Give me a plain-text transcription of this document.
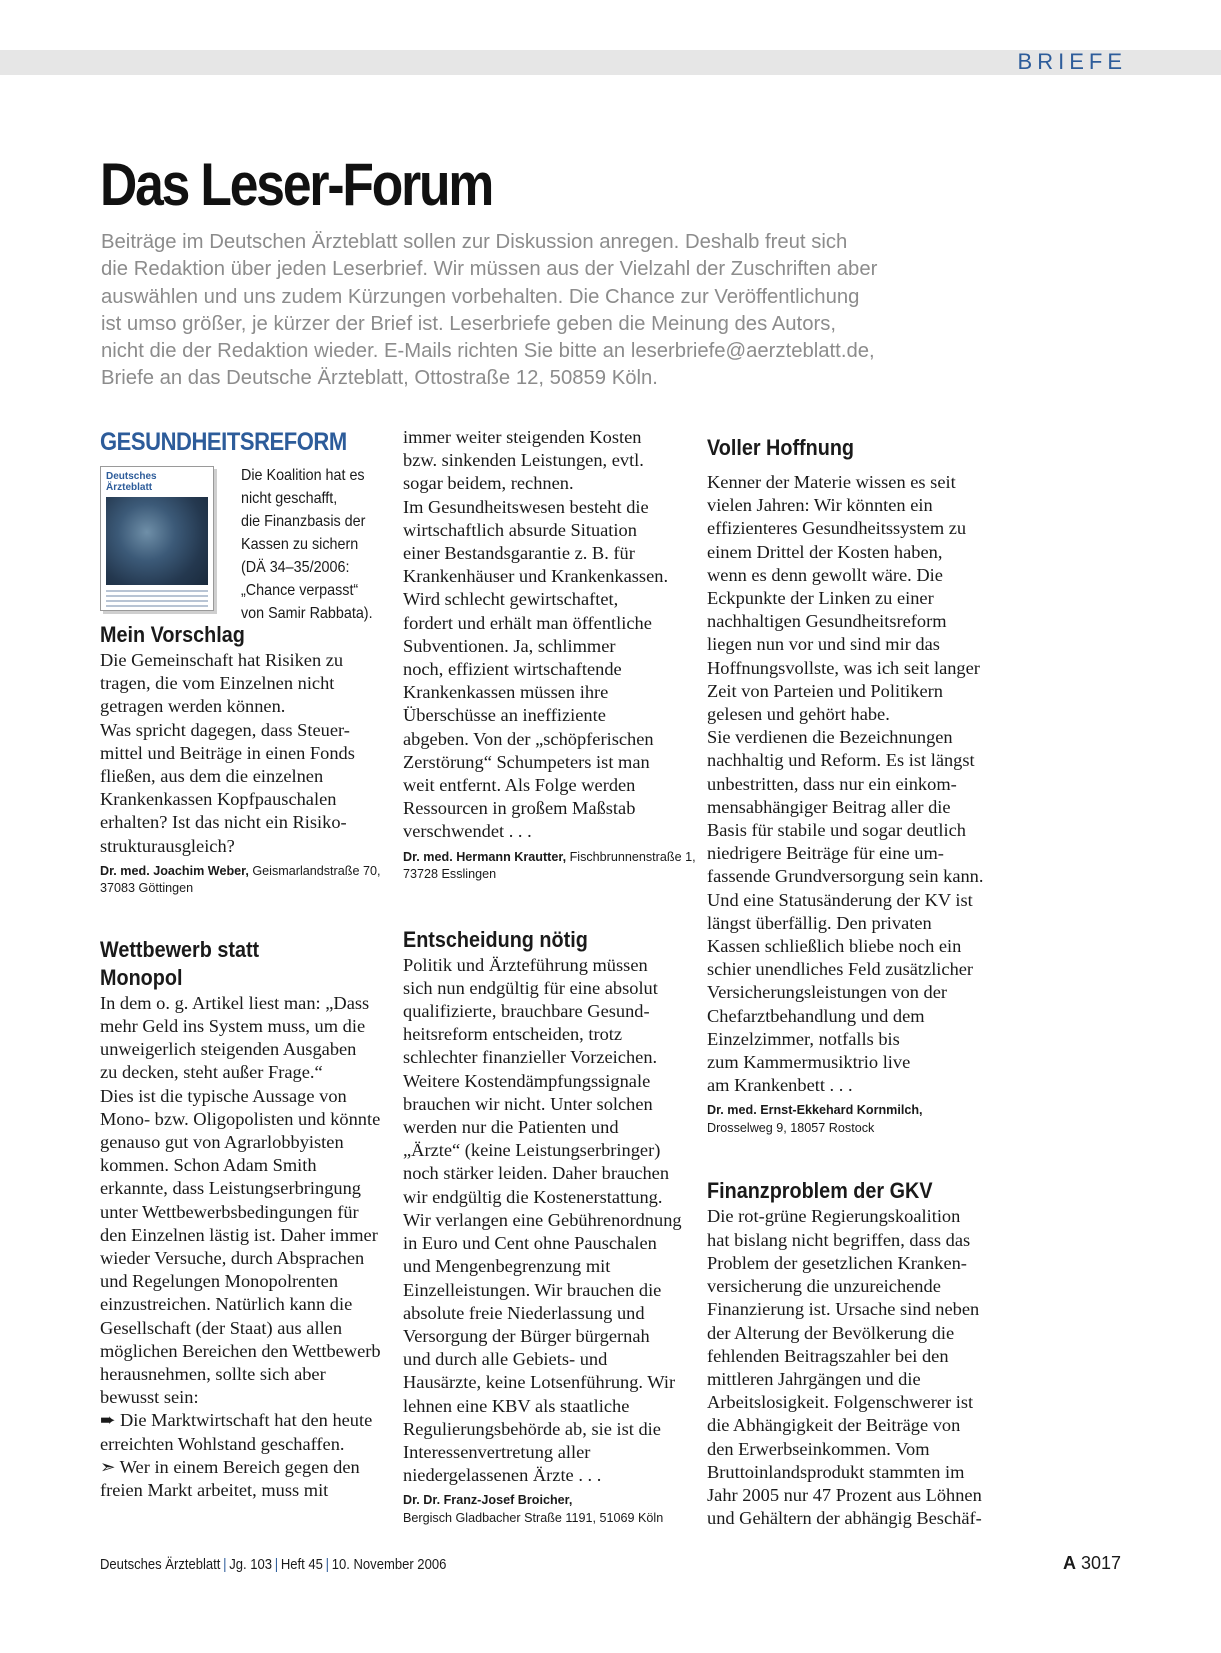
BRIEFE
Das Leser-Forum
Beiträge im Deutschen Ärzteblatt sollen zur Diskussion anregen. Deshalb freut sich
die Redaktion über jeden Leserbrief. Wir müssen aus der Vielzahl der Zuschriften aber
auswählen und uns zudem Kürzungen vorbehalten. Die Chance zur Veröffentlichung
ist umso größer, je kürzer der Brief ist. Leserbriefe geben die Meinung des Autors,
nicht die der Redaktion wieder. E-Mails richten Sie bitte an leserbriefe@aerzteblatt.de,
Briefe an das Deutsche Ärzteblatt, Ottostraße 12, 50859 Köln.
GESUNDHEITSREFORM
Deutsches
Ärzteblatt
Die Koalition hat es
nicht geschafft,
die Finanzbasis der
Kassen zu sichern
(DÄ 34–35/2006:
„Chance verpasst“
von Samir Rabbata).
Mein Vorschlag
Die Gemeinschaft hat Risiken zu
tragen, die vom Einzelnen nicht
getragen werden können.
Was spricht dagegen, dass Steuer-
mittel und Beiträge in einen Fonds
fließen, aus dem die einzelnen
Krankenkassen Kopfpauschalen
erhalten? Ist das nicht ein Risiko-
strukturausgleich?
Dr. med. Joachim Weber, Geismarlandstraße 70,
37083 Göttingen
Wettbewerb statt
Monopol
In dem o. g. Artikel liest man: „Dass
mehr Geld ins System muss, um die
unweigerlich steigenden Ausgaben
zu decken, steht außer Frage.“
Dies ist die typische Aussage von
Mono- bzw. Oligopolisten und könnte
genauso gut von Agrarlobbyisten
kommen. Schon Adam Smith
erkannte, dass Leistungserbringung
unter Wettbewerbsbedingungen für
den Einzelnen lästig ist. Daher immer
wieder Versuche, durch Absprachen
und Regelungen Monopolrenten
einzustreichen. Natürlich kann die
Gesellschaft (der Staat) aus allen
möglichen Bereichen den Wettbewerb
herausnehmen, sollte sich aber
bewusst sein:
➨ Die Marktwirtschaft hat den heute
erreichten Wohlstand geschaffen.
➣ Wer in einem Bereich gegen den
freien Markt arbeitet, muss mit
immer weiter steigenden Kosten
bzw. sinkenden Leistungen, evtl.
sogar beidem, rechnen.
Im Gesundheitswesen besteht die
wirtschaftlich absurde Situation
einer Bestandsgarantie z. B. für
Krankenhäuser und Krankenkassen.
Wird schlecht gewirtschaftet,
fordert und erhält man öffentliche
Subventionen. Ja, schlimmer
noch, effizient wirtschaftende
Krankenkassen müssen ihre
Überschüsse an ineffiziente
abgeben. Von der „schöpferischen
Zerstörung“ Schumpeters ist man
weit entfernt. Als Folge werden
Ressourcen in großem Maßstab
verschwendet . . .
Dr. med. Hermann Krautter, Fischbrunnenstraße 1,
73728 Esslingen
Entscheidung nötig
Politik und Ärzteführung müssen
sich nun endgültig für eine absolut
qualifizierte, brauchbare Gesund-
heitsreform entscheiden, trotz
schlechter finanzieller Vorzeichen.
Weitere Kostendämpfungssignale
brauchen wir nicht. Unter solchen
werden nur die Patienten und
„Ärzte“ (keine Leistungserbringer)
noch stärker leiden. Daher brauchen
wir endgültig die Kostenerstattung.
Wir verlangen eine Gebührenordnung
in Euro und Cent ohne Pauschalen
und Mengenbegrenzung mit
Einzelleistungen. Wir brauchen die
absolute freie Niederlassung und
Versorgung der Bürger bürgernah
und durch alle Gebiets- und
Hausärzte, keine Lotsenführung. Wir
lehnen eine KBV als staatliche
Regulierungsbehörde ab, sie ist die
Interessenvertretung aller
niedergelassenen Ärzte . . .
Dr. Dr. Franz-Josef Broicher,
Bergisch Gladbacher Straße 1191, 51069 Köln
Voller Hoffnung
Kenner der Materie wissen es seit
vielen Jahren: Wir könnten ein
effizienteres Gesundheitssystem zu
einem Drittel der Kosten haben,
wenn es denn gewollt wäre. Die
Eckpunkte der Linken zu einer
nachhaltigen Gesundheitsreform
liegen nun vor und sind mir das
Hoffnungsvollste, was ich seit langer
Zeit von Parteien und Politikern
gelesen und gehört habe.
Sie verdienen die Bezeichnungen
nachhaltig und Reform. Es ist längst
unbestritten, dass nur ein einkom-
mensabhängiger Beitrag aller die
Basis für stabile und sogar deutlich
niedrigere Beiträge für eine um-
fassende Grundversorgung sein kann.
Und eine Statusänderung der KV ist
längst überfällig. Den privaten
Kassen schließlich bliebe noch ein
schier unendliches Feld zusätzlicher
Versicherungsleistungen von der
Chefarztbehandlung und dem
Einzelzimmer, notfalls bis
zum Kammermusiktrio live
am Krankenbett . . .
Dr. med. Ernst-Ekkehard Kornmilch,
Drosselweg 9, 18057 Rostock
Finanzproblem der GKV
Die rot-grüne Regierungskoalition
hat bislang nicht begriffen, dass das
Problem der gesetzlichen Kranken-
versicherung die unzureichende
Finanzierung ist. Ursache sind neben
der Alterung der Bevölkerung die
fehlenden Beitragszahler bei den
mittleren Jahrgängen und die
Arbeitslosigkeit. Folgenschwerer ist
die Abhängigkeit der Beiträge von
den Erwerbseinkommen. Vom
Bruttoinlandsprodukt stammten im
Jahr 2005 nur 47 Prozent aus Löhnen
und Gehältern der abhängig Beschäf-
Deutsches Ärzteblatt | Jg. 103 | Heft 45 | 10. November 2006	A 3017
